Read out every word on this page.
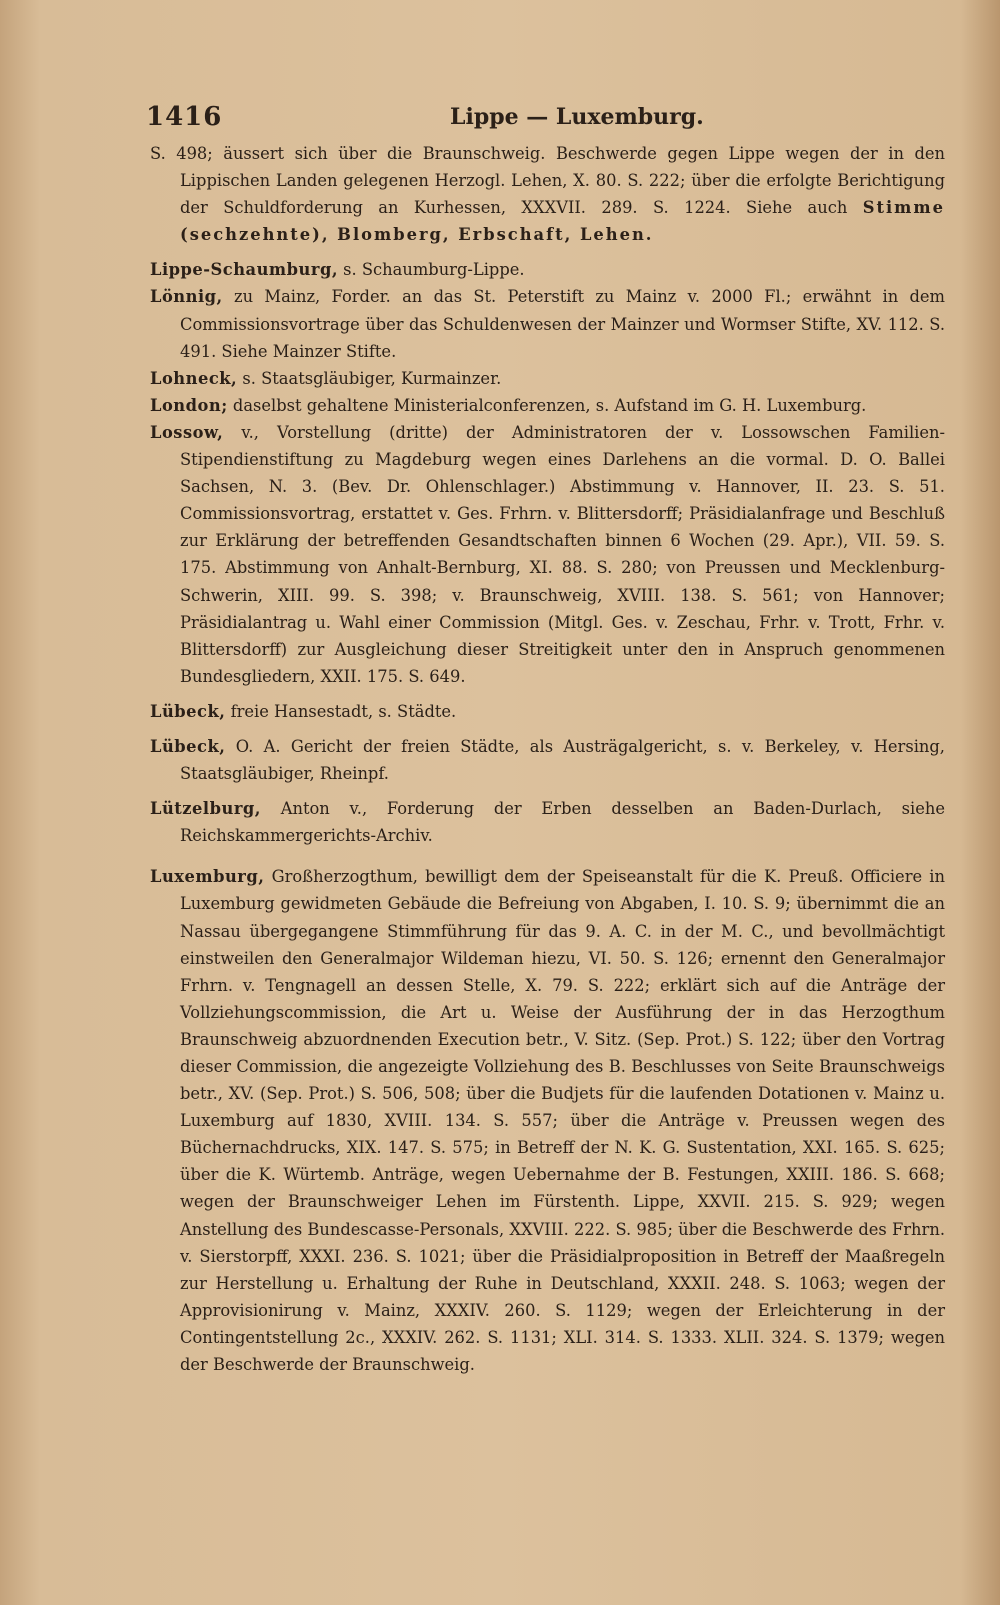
1416	Lippe — Luxemburg.

S. 498; äussert sich über die Braunschweig. Beschwerde gegen Lippe wegen der in den Lippischen Landen gelegenen Herzogl. Lehen, X. 80. S. 222; über die erfolgte Berichtigung der Schuldforderung an Kurhessen, XXXVII. 289. S. 1224. Siehe auch Stimme (sechzehnte), Blomberg, Erbschaft, Lehen.

Lippe-Schaumburg, s. Schaumburg-Lippe.

Lönnig, zu Mainz, Forder. an das St. Peterstift zu Mainz v. 2000 Fl.; erwähnt in dem Commissionsvortrage über das Schuldenwesen der Mainzer und Wormser Stifte, XV. 112. S. 491. Siehe Mainzer Stifte.

Lohneck, s. Staatsgläubiger, Kurmainzer.

London; daselbst gehaltene Ministerialconferenzen, s. Aufstand im G. H. Luxemburg.

Lossow, v., Vorstellung (dritte) der Administratoren der v. Lossowschen Familien-Stipendienstiftung zu Magdeburg wegen eines Darlehens an die vormal. D. O. Ballei Sachsen, N. 3. (Bev. Dr. Ohlenschlager.) Abstimmung v. Hannover, II. 23. S. 51. Commissionsvortrag, erstattet v. Ges. Frhrn. v. Blittersdorff; Präsidialanfrage und Beschluß zur Erklärung der betreffenden Gesandtschaften binnen 6 Wochen (29. Apr.), VII. 59. S. 175. Abstimmung von Anhalt-Bernburg, XI. 88. S. 280; von Preussen und Mecklenburg-Schwerin, XIII. 99. S. 398; v. Braunschweig, XVIII. 138. S. 561; von Hannover; Präsidialantrag u. Wahl einer Commission (Mitgl. Ges. v. Zeschau, Frhr. v. Trott, Frhr. v. Blittersdorff) zur Ausgleichung dieser Streitigkeit unter den in Anspruch genommenen Bundesgliedern, XXII. 175. S. 649.

Lübeck, freie Hansestadt, s. Städte.

Lübeck, O. A. Gericht der freien Städte, als Austrägalgericht, s. v. Berkeley, v. Hersing, Staatsgläubiger, Rheinpf.

Lützelburg, Anton v., Forderung der Erben desselben an Baden-Durlach, siehe Reichskammergerichts-Archiv.

Luxemburg, Großherzogthum, bewilligt dem der Speiseanstalt für die K. Preuß. Officiere in Luxemburg gewidmeten Gebäude die Befreiung von Abgaben, I. 10. S. 9; übernimmt die an Nassau übergegangene Stimmführung für das 9. A. C. in der M. C., und bevollmächtigt einstweilen den Generalmajor Wildeman hiezu, VI. 50. S. 126; ernennt den Generalmajor Frhrn. v. Tengnagell an dessen Stelle, X. 79. S. 222; erklärt sich auf die Anträge der Vollziehungscommission, die Art u. Weise der Ausführung der in das Herzogthum Braunschweig abzuordnenden Execution betr., V. Sitz. (Sep. Prot.) S. 122; über den Vortrag dieser Commission, die angezeigte Vollziehung des B. Beschlusses von Seite Braunschweigs betr., XV. (Sep. Prot.) S. 506, 508; über die Budjets für die laufenden Dotationen v. Mainz u. Luxemburg auf 1830, XVIII. 134. S. 557; über die Anträge v. Preussen wegen des Büchernachdrucks, XIX. 147. S. 575; in Betreff der N. K. G. Sustentation, XXI. 165. S. 625; über die K. Würtemb. Anträge, wegen Uebernahme der B. Festungen, XXIII. 186. S. 668; wegen der Braunschweiger Lehen im Fürstenth. Lippe, XXVII. 215. S. 929; wegen Anstellung des Bundescasse-Personals, XXVIII. 222. S. 985; über die Beschwerde des Frhrn. v. Sierstorpff, XXXI. 236. S. 1021; über die Präsidialproposition in Betreff der Maaßregeln zur Herstellung u. Erhaltung der Ruhe in Deutschland, XXXII. 248. S. 1063; wegen der Approvisionirung v. Mainz, XXXIV. 260. S. 1129; wegen der Erleichterung in der Contingentstellung 2c., XXXIV. 262. S. 1131; XLI. 314. S. 1333. XLII. 324. S. 1379; wegen der Beschwerde der Braunschweig.
